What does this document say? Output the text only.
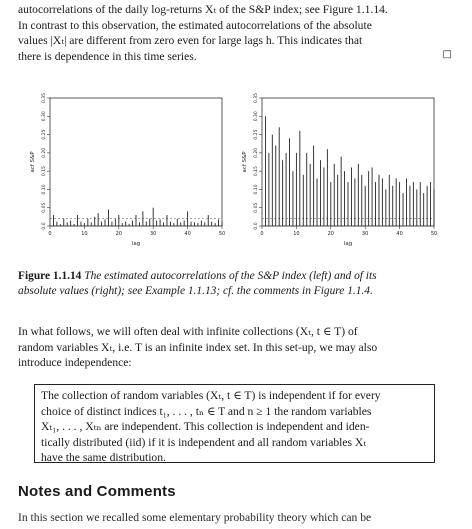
autocorrelations of the daily log-returns Xₜ of the S&P index; see Figure 1.1.14.
In contrast to this observation, the estimated autocorrelations of the absolute
values |Xₜ| are different from zero even for large lags h. This indicates that
there is dependence in this time series.	□
0.0
0.05
0.10
0.15
0.20
0.25
0.30
0.35
0	10	20	30	40	50
lag
acf S&P
0.0
0.05
0.10
0.15
0.20
0.25
0.30
0.35
0	10	20	30	40	50
lag
acf S&P
Figure 1.1.14 The estimated autocorrelations of the S&P index (left) and of its
absolute values (right); see Example 1.1.13; cf. the comments in Figure 1.1.4.
In what follows, we will often deal with infinite collections (Xₜ, t ∈ T) of
random variables Xₜ, i.e. T is an infinite index set. In this set-up, we may also
introduce independence:
The collection of random variables (Xₜ, t ∈ T) is independent if for every
choice of distinct indices t₁, . . . , tₙ ∈ T and n ≥ 1 the random variables
Xₜ₁, . . . , Xₜₙ are independent. This collection is independent and iden-
tically distributed (iid) if it is independent and all random variables Xₜ
have the same distribution.
Notes and Comments
In this section we recalled some elementary probability theory which can be
